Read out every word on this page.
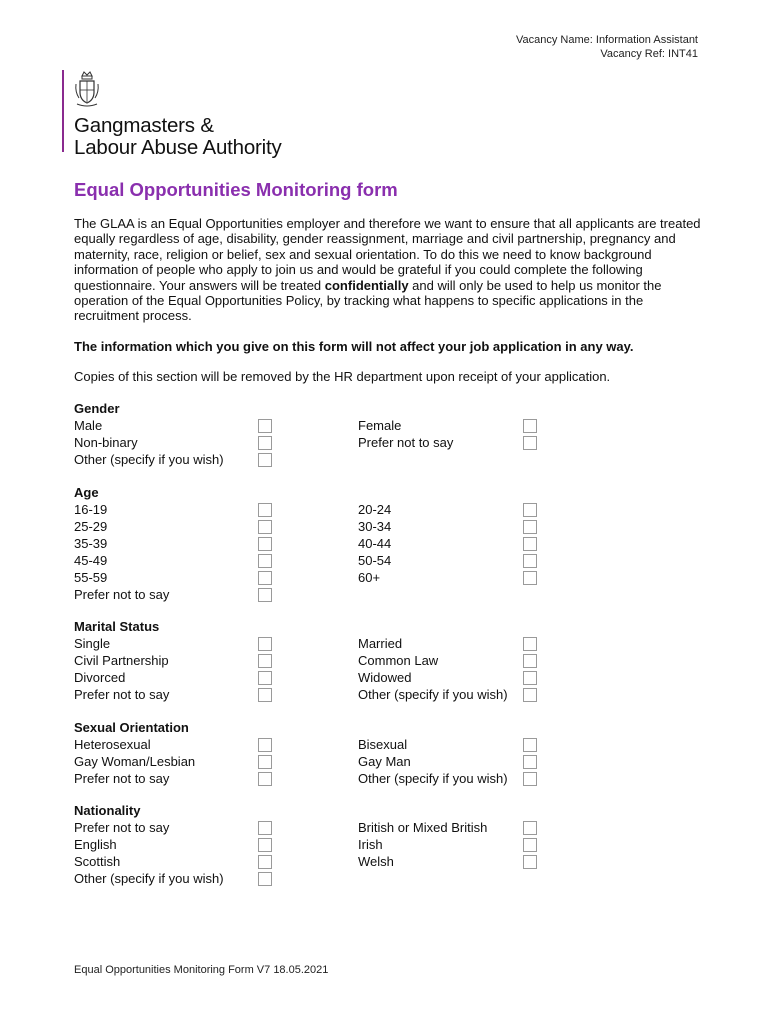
Vacancy Name: Information Assistant
Vacancy Ref: INT41
Gangmasters &
Labour Abuse Authority
Equal Opportunities Monitoring form

The GLAA is an Equal Opportunities employer and therefore we want to ensure that all applicants are treated equally regardless of age, disability, gender reassignment, marriage and civil partnership, pregnancy and maternity, race, religion or belief, sex and sexual orientation. To do this we need to know background information of people who apply to join us and would be grateful if you could complete the following questionnaire. Your answers will be treated confidentially and will only be used to help us monitor the operation of the Equal Opportunities Policy, by tracking what happens to specific applications in the recruitment process.

The information which you give on this form will not affect your job application in any way.

Copies of this section will be removed by the HR department upon receipt of your application.

Gender
Male
Non-binary
Other (specify if you wish)
Female
Prefer not to say
Age
16-19
25-29
35-39
45-49
55-59
Prefer not to say
20-24
30-34
40-44
50-54
60+
Marital Status
Single
Civil Partnership
Divorced
Prefer not to say
Married
Common Law
Widowed
Other (specify if you wish)
Sexual Orientation
Heterosexual
Gay Woman/Lesbian
Prefer not to say
Bisexual
Gay Man
Other (specify if you wish)
Nationality
Prefer not to say
English
Scottish
Other (specify if you wish)
British or Mixed British
Irish
Welsh
Equal Opportunities Monitoring Form V7 18.05.2021
